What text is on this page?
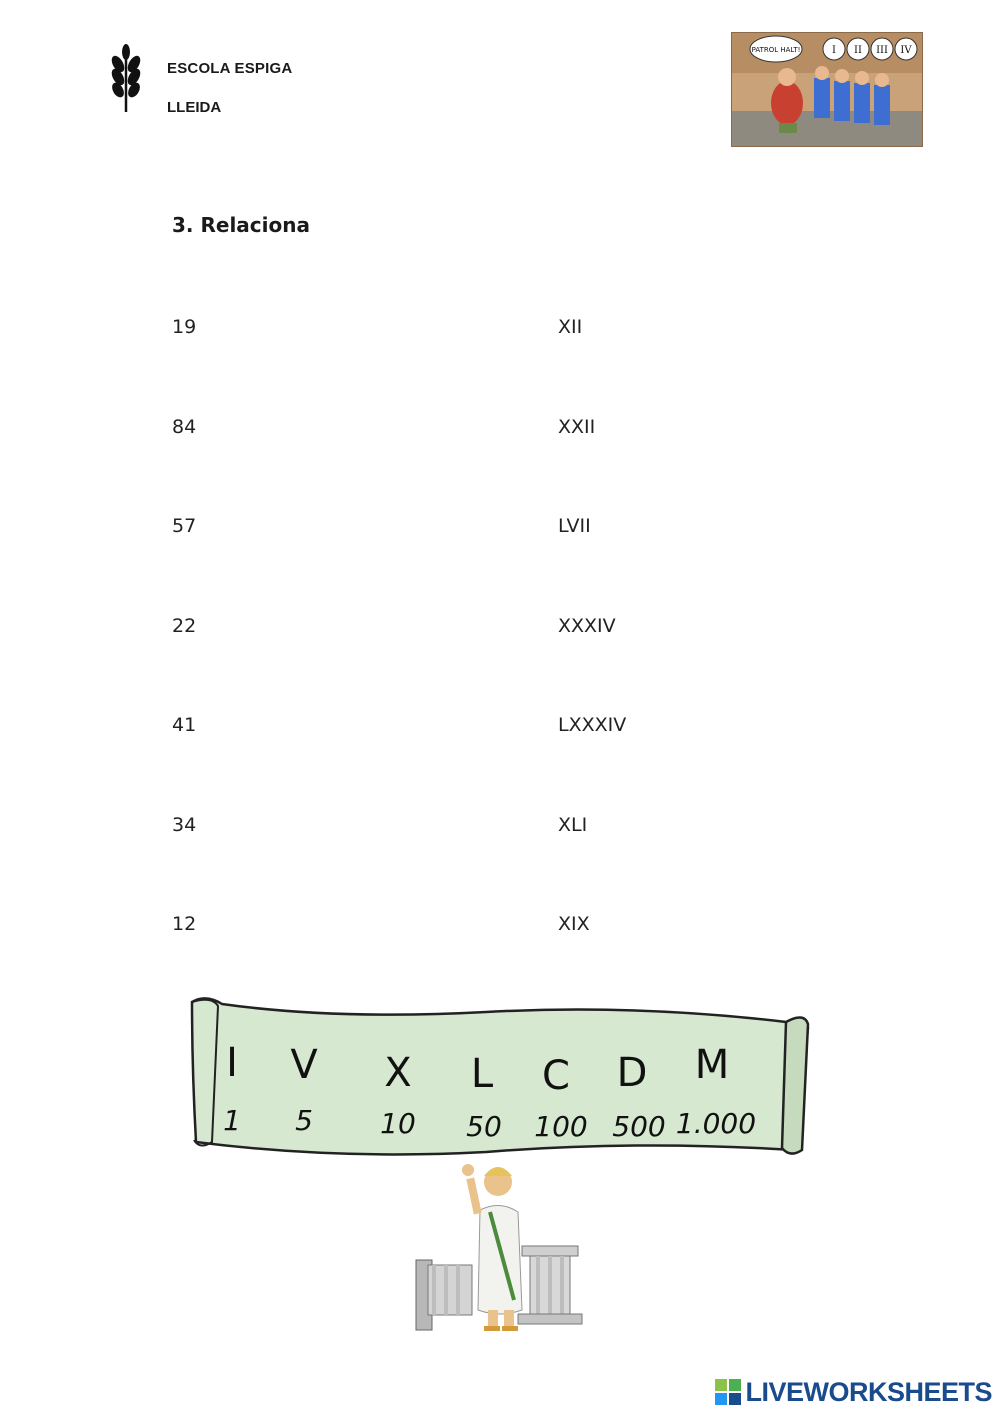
ESCOLA ESPIGA
LLEIDA
PATROL HALT!	I II III IV
3. Relaciona
19	XII
84	XXII
57	LVII
22	XXXIV
41	LXXXIV
34	XLI
12	XIX
I V X L C D M
1 5 10 50 100 500 1.000
LIVEWORKSHEETS
